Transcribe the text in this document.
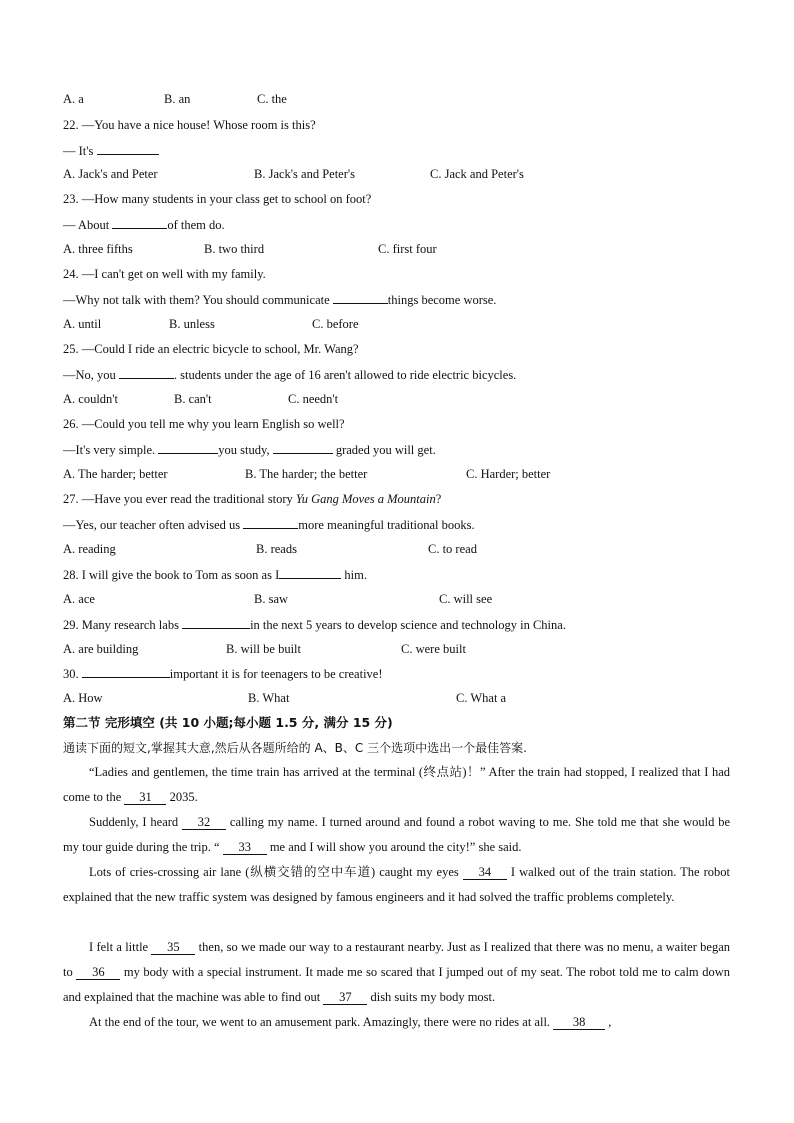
A. a	B. an	C. the
22. —You have a nice house! Whose room is this?
— It's
A. Jack's and Peter	B. Jack's and Peter's	C. Jack and Peter's
23. —How many students in your class get to school on foot?
— About	of them do.
A. three fifths	B. two third	C. first four
24. —I can't get on well with my family.
—Why not talk with them? You should communicate	things become worse.
A. until	B. unless	C. before
25. —Could I ride an electric bicycle to school, Mr. Wang?
—No, you	. students under the age of 16 aren't allowed to ride electric bicycles.
A. couldn't	B. can't	C. needn't
26. —Could you tell me why you learn English so well?
—It's very simple.	you study,	graded you will get.
A. The harder; better	B. The harder; the better	C. Harder; better
27. —Have you ever read the traditional story Yu Gang Moves a Mountain?
—Yes, our teacher often advised us	more meaningful traditional books.
A. reading	B. reads	C. to read
28. I will give the book to Tom as soon as I	him.
A. ace	B. saw	C. will see
29. Many research labs	in the next 5 years to develop science and technology in China.
A. are building	B. will be built	C. were built
30.	important it is for teenagers to be creative!
A. How	B. What	C. What a
第二节 完形填空 (共 10 小题;每小题 1.5 分, 满分 15 分)
通读下面的短文,掌握其大意,然后从各题所给的 A、B、C 三个选项中选出一个最佳答案.
“Ladies and gentlemen, the time train has arrived at the terminal (终点站)！” After the train had stopped, I realized that I had come to the 31 2035.
Suddenly, I heard 32 calling my name. I turned around and found a robot waving to me. She told me that she would be my tour guide during the trip. “ 33 me and I will show you around the city!” she said.
Lots of cries-crossing air lane (纵横交错的空中车道) caught my eyes 34 I walked out of the train station. The robot explained that the new traffic system was designed by famous engineers and it had solved the traffic problems completely.
I felt a little 35 then, so we made our way to a restaurant nearby. Just as I realized that there was no menu, a waiter began to 36 my body with a special instrument. It made me so scared that I jumped out of my seat. The robot told me to calm down and explained that the machine was able to find out 37 dish suits my body most.
At the end of the tour, we went to an amusement park. Amazingly, there were no rides at all. 38 ,
